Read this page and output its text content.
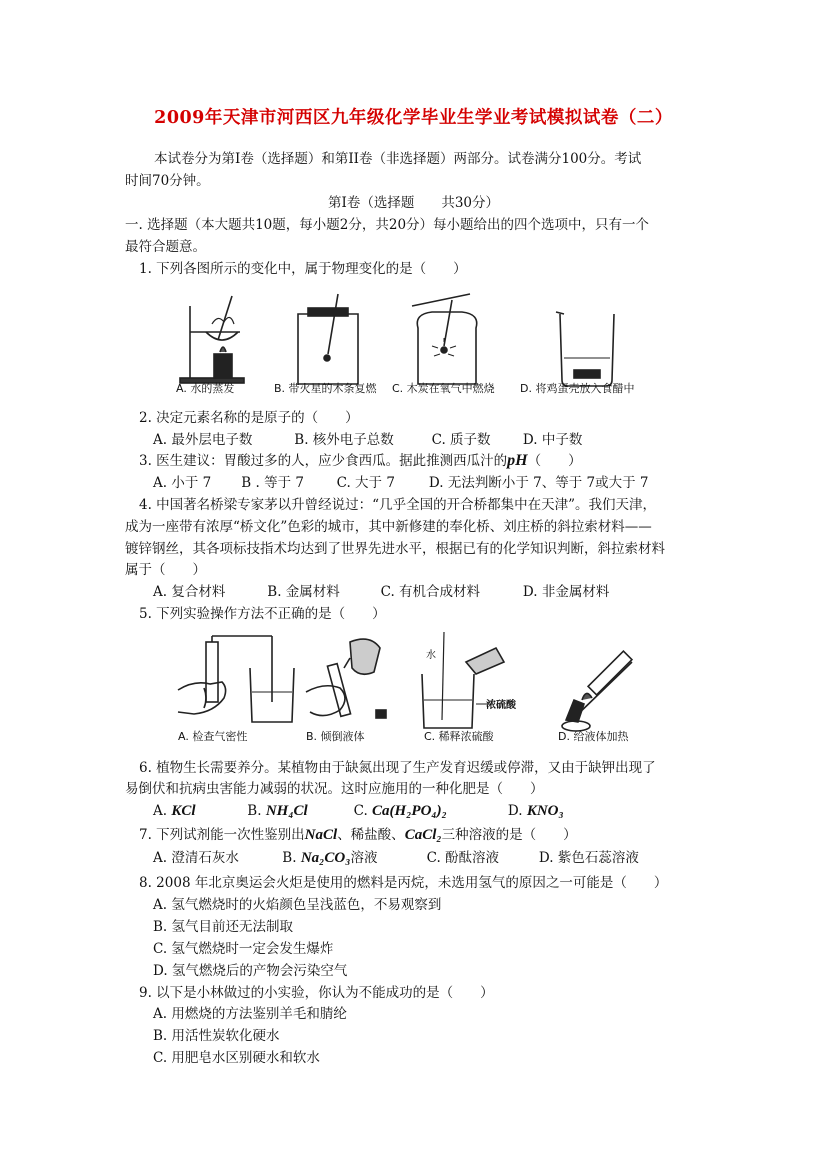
2009年天津市河西区九年级化学毕业生学业考试模拟试卷（二）
本试卷分为第Ⅰ卷（选择题）和第II卷（非选择题）两部分。试卷满分100分。考试
时间70分钟。
第Ⅰ卷（选择题　　共30分）
一. 选择题（本大题共10题，每小题2分，共20分）每小题给出的四个选项中，只有一个
最符合题意。
1. 下列各图所示的变化中，属于物理变化的是（　　）
A. 水的蒸发	B. 带火星的木条复燃 C. 木炭在氧气中燃烧 D. 将鸡蛋壳放入食醋中
2. 决定元素名称的是原子的（　　）
A. 最外层电子数	B. 核外电子总数	C. 质子数 D. 中子数
3. 医生建议：胃酸过多的人，应少食西瓜。据此推测西瓜汁的pH（　　）
A. 小于 7 B . 等于 7 C. 大于 7	D. 无法判断小于 7、等于 7或大于 7
4. 中国著名桥梁专家茅以升曾经说过：“几乎全国的开合桥都集中在天津”。我们天津，
成为一座带有浓厚“桥文化”色彩的城市，其中新修建的奉化桥、刘庄桥的斜拉索材料——
镀锌钢丝，其各项标技指术均达到了世界先进水平，根据已有的化学知识判断，斜拉索材料
属于（　　）
A. 复合材料	B. 金属材料	C. 有机合成材料	D. 非金属材料
5. 下列实验操作方法不正确的是（　　）
水
浓硫酸
A. 检查气密性	B. 倾倒液体	C. 稀释浓硫酸	D. 给液体加热
6. 植物生长需要养分。某植物由于缺氮出现了生产发育迟缓或停滞，又由于缺钾出现了
易倒伏和抗病虫害能力减弱的状况。这时应施用的一种化肥是（　　）
A. KCl	B. NH₄Cl	C. Ca(H₂PO₄)₂	D. KNO₃
7. 下列试剂能一次性鉴别出NaCl、稀盐酸、CaCl₂三种溶液的是（　　）
A. 澄清石灰水	B. Na₂CO₃溶液	C. 酚酞溶液	D. 紫色石蕊溶液
8. 2008 年北京奥运会火炬是使用的燃料是丙烷，未选用氢气的原因之一可能是（　　）
A. 氢气燃烧时的火焰颜色呈浅蓝色，不易观察到
B. 氢气目前还无法制取
C. 氢气燃烧时一定会发生爆炸
D. 氢气燃烧后的产物会污染空气
9. 以下是小林做过的小实验，你认为不能成功的是（　　）
A. 用燃烧的方法鉴别羊毛和腈纶
B. 用活性炭软化硬水
C. 用肥皂水区别硬水和软水
